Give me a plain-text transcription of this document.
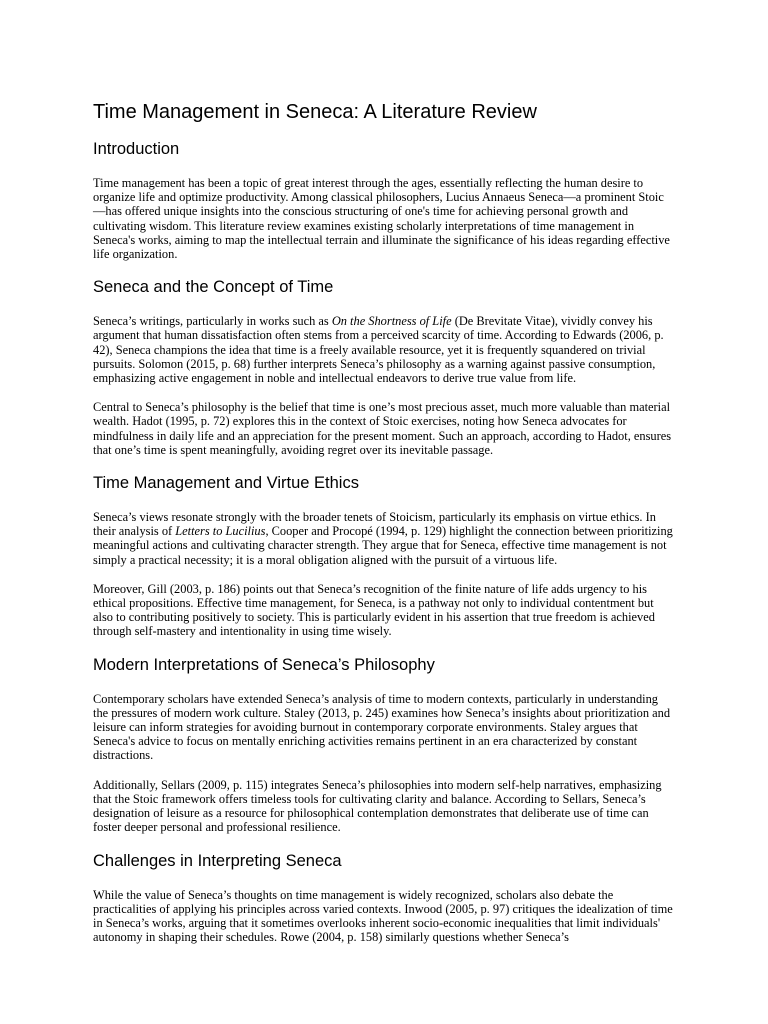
Time Management in Seneca: A Literature Review
Introduction

Time management has been a topic of great interest through the ages, essentially reflecting the human desire to organize life and optimize productivity. Among classical philosophers, Lucius Annaeus Seneca—a prominent Stoic—has offered unique insights into the conscious structuring of one's time for achieving personal growth and cultivating wisdom. This literature review examines existing scholarly interpretations of time management in Seneca's works, aiming to map the intellectual terrain and illuminate the significance of his ideas regarding effective life organization.

Seneca and the Concept of Time

Seneca’s writings, particularly in works such as On the Shortness of Life (De Brevitate Vitae), vividly convey his argument that human dissatisfaction often stems from a perceived scarcity of time. According to Edwards (2006, p. 42), Seneca champions the idea that time is a freely available resource, yet it is frequently squandered on trivial pursuits. Solomon (2015, p. 68) further interprets Seneca’s philosophy as a warning against passive consumption, emphasizing active engagement in noble and intellectual endeavors to derive true value from life.

Central to Seneca’s philosophy is the belief that time is one’s most precious asset, much more valuable than material wealth. Hadot (1995, p. 72) explores this in the context of Stoic exercises, noting how Seneca advocates for mindfulness in daily life and an appreciation for the present moment. Such an approach, according to Hadot, ensures that one’s time is spent meaningfully, avoiding regret over its inevitable passage.

Time Management and Virtue Ethics

Seneca’s views resonate strongly with the broader tenets of Stoicism, particularly its emphasis on virtue ethics. In their analysis of Letters to Lucilius, Cooper and Procopé (1994, p. 129) highlight the connection between prioritizing meaningful actions and cultivating character strength. They argue that for Seneca, effective time management is not simply a practical necessity; it is a moral obligation aligned with the pursuit of a virtuous life.

Moreover, Gill (2003, p. 186) points out that Seneca’s recognition of the finite nature of life adds urgency to his ethical propositions. Effective time management, for Seneca, is a pathway not only to individual contentment but also to contributing positively to society. This is particularly evident in his assertion that true freedom is achieved through self-mastery and intentionality in using time wisely.

Modern Interpretations of Seneca’s Philosophy

Contemporary scholars have extended Seneca’s analysis of time to modern contexts, particularly in understanding the pressures of modern work culture. Staley (2013, p. 245) examines how Seneca’s insights about prioritization and leisure can inform strategies for avoiding burnout in contemporary corporate environments. Staley argues that Seneca's advice to focus on mentally enriching activities remains pertinent in an era characterized by constant distractions.

Additionally, Sellars (2009, p. 115) integrates Seneca’s philosophies into modern self-help narratives, emphasizing that the Stoic framework offers timeless tools for cultivating clarity and balance. According to Sellars, Seneca’s designation of leisure as a resource for philosophical contemplation demonstrates that deliberate use of time can foster deeper personal and professional resilience.

Challenges in Interpreting Seneca

While the value of Seneca’s thoughts on time management is widely recognized, scholars also debate the practicalities of applying his principles across varied contexts. Inwood (2005, p. 97) critiques the idealization of time in Seneca’s works, arguing that it sometimes overlooks inherent socio-economic inequalities that limit individuals' autonomy in shaping their schedules. Rowe (2004, p. 158) similarly questions whether Seneca’s
